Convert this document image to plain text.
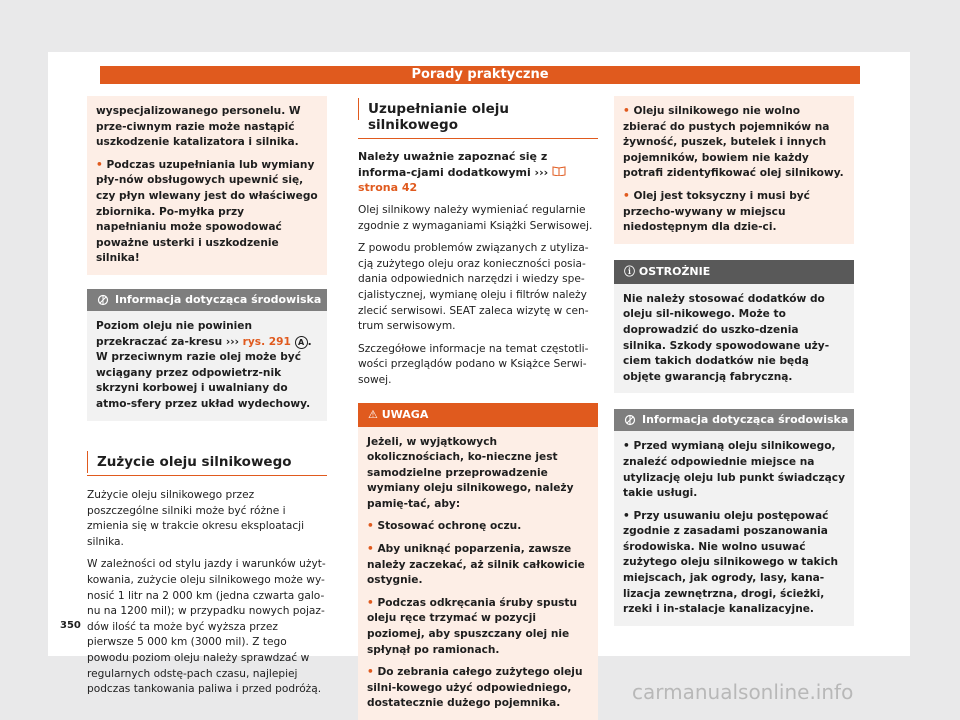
Porady praktyczne

wyspecjalizowanego personelu. W prze-ciwnym razie może nastąpić uszkodzenie katalizatora i silnika.

• Podczas uzupełniania lub wymiany pły-nów obsługowych upewnić się, czy płyn wlewany jest do właściwego zbiornika. Po-myłka przy napełnianiu może spowodować poważne usterki i uszkodzenie silnika!

Informacja dotycząca środowiska
Poziom oleju nie powinien przekraczać za-kresu ››› rys. 291 A . W przeciwnym razie olej może być wciągany przez odpowietrz-nik skrzyni korbowej i uwalniany do atmo-sfery przez układ wydechowy.
Zużycie oleju silnikowego

Zużycie oleju silnikowego przez poszczególne silniki może być różne i zmienia się w trakcie okresu eksploatacji silnika.

W zależności od stylu jazdy i warunków użyt-kowania, zużycie oleju silnikowego może wy-nosić 1 litr na 2 000 km (jedna czwarta galo-nu na 1200 mil); w przypadku nowych pojaz-dów ilość ta może być wyższa przez pierwsze 5 000 km (3000 mil). Z tego powodu poziom oleju należy sprawdzać w regularnych odstę-pach czasu, najlepiej podczas tankowania paliwa i przed podróżą.

Uzupełnianie oleju silnikowego

Należy uważnie zapoznać się z informa-cjami dodatkowymi ›››  strona 42

Olej silnikowy należy wymieniać regularnie zgodnie z wymaganiami Książki Serwisowej.

Z powodu problemów związanych z utyliza-cją zużytego oleju oraz konieczności posia-dania odpowiednich narzędzi i wiedzy spe-cjalistycznej, wymianę oleju i filtrów należy zlecić serwisowi. SEAT zaleca wizytę w cen-trum serwisowym.

Szczegółowe informacje na temat częstotli-wości przeglądów podano w Książce Serwi-sowej.

⚠ UWAGA

Jeżeli, w wyjątkowych okolicznościach, ko-nieczne jest samodzielne przeprowadzenie wymiany oleju silnikowego, należy pamię-tać, aby:

• Stosować ochronę oczu.

• Aby uniknąć poparzenia, zawsze należy zaczekać, aż silnik całkowicie ostygnie.

• Podczas odkręcania śruby spustu oleju ręce trzymać w pozycji poziomej, aby spuszczany olej nie spłynął po ramionach.

• Do zebrania całego zużytego oleju silni-kowego użyć odpowiedniego, dostatecznie dużego pojemnika.

• Oleju silnikowego nie wolno zbierać do pustych pojemników na żywność, puszek, butelek i innych pojemników, bowiem nie każdy potrafi zidentyfikować olej silnikowy.

• Olej jest toksyczny i musi być przecho-wywany w miejscu niedostępnym dla dzie-ci.

ⓘ OSTROŻNIE
Nie należy stosować dodatków do oleju sil-nikowego. Może to doprowadzić do uszko-dzenia silnika. Szkody spowodowane uży-ciem takich dodatków nie będą objęte gwarancją fabryczną.
Informacja dotycząca środowiska

• Przed wymianą oleju silnikowego, znaleźć odpowiednie miejsce na utylizację oleju lub punkt świadczący takie usługi.

• Przy usuwaniu oleju postępować zgodnie z zasadami poszanowania środowiska. Nie wolno usuwać zużytego oleju silnikowego w takich miejscach, jak ogrody, lasy, kana-lizacja zewnętrzna, drogi, ścieżki, rzeki i in-stalacje kanalizacyjne.

350
carmanualsonline.info
